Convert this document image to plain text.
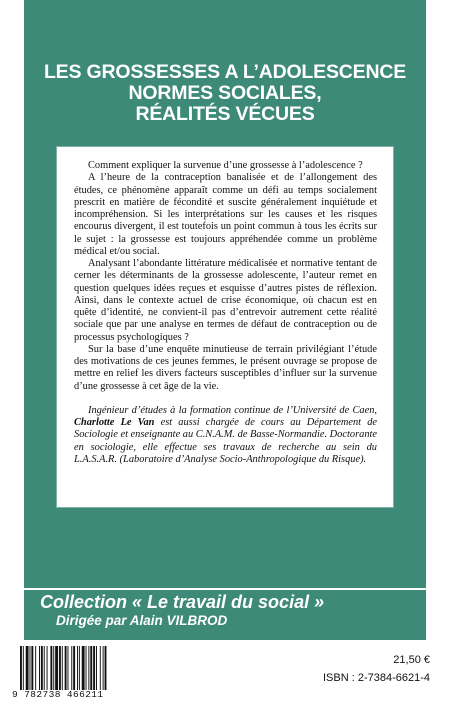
LES GROSSESSES A L’ADOLESCENCE
NORMES SOCIALES,
RÉALITÉS VÉCUES

Comment expliquer la survenue d’une grossesse à l’adolescence ?

A l’heure de la contraception banalisée et de l’allongement des études, ce phénomène apparaît comme un défi au temps socialement prescrit en matière de fécondité et suscite généralement inquiétude et incompréhension. Si les interprétations sur les causes et les risques encourus divergent, il est toutefois un point commun à tous les écrits sur le sujet : la grossesse est toujours appréhendée comme un problème médical et/ou social.

Analysant l’abondante littérature médicalisée et normative tentant de cerner les déterminants de la grossesse adolescente, l’auteur remet en question quelques idées reçues et esquisse d’autres pistes de réflexion. Ainsi, dans le contexte actuel de crise économique, où chacun est en quête d’identité, ne convient-il pas d’entrevoir autrement cette réalité sociale que par une analyse en termes de défaut de contraception ou de processus psychologiques ?

Sur la base d’une enquête minutieuse de terrain privilégiant l’étude des motivations de ces jeunes femmes, le présent ouvrage se propose de mettre en relief les divers facteurs susceptibles d’influer sur la survenue d’une grossesse à cet âge de la vie.

Ingénieur d’études à la formation continue de l’Université de Caen, Charlotte Le Van est aussi chargée de cours au Département de Sociologie et enseignante au C.N.A.M. de Basse-Normandie. Doctorante en sociologie, elle effectue ses travaux de recherche au sein du L.A.S.A.R. (Laboratoire d’Analyse Socio-Anthropologique du Risque).

Collection « Le travail du social »
Dirigée par Alain VILBROD
9 782738 466211
21,50 €
ISBN : 2-7384-6621-4
